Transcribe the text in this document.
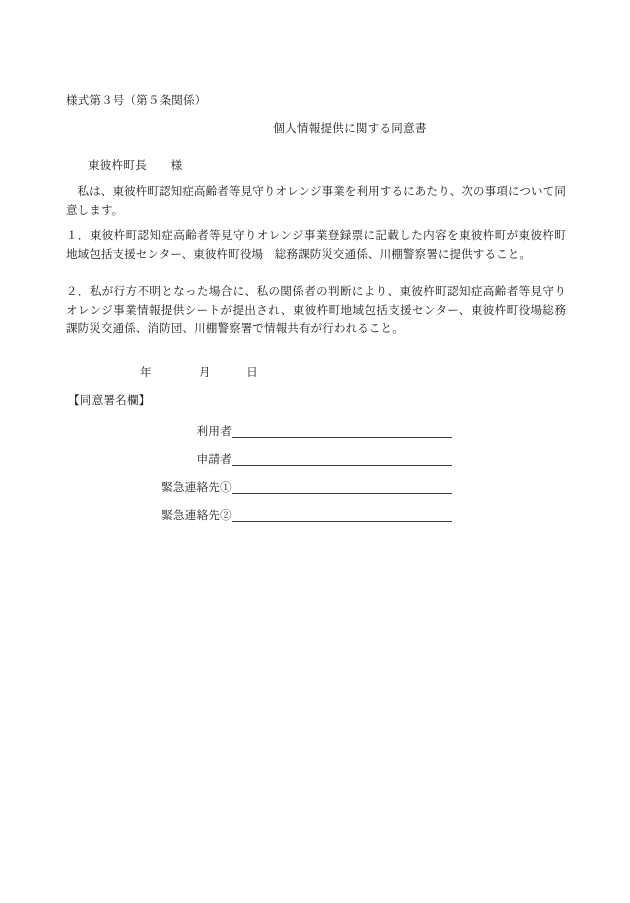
様式第３号（第５条関係）
個人情報提供に関する同意書
東彼杵町長　　様
私は、東彼杵町認知症高齢者等見守りオレンジ事業を利用するにあたり、次の事項について同意します。
１．東彼杵町認知症高齢者等見守りオレンジ事業登録票に記載した内容を東彼杵町が東彼杵町地域包括支援センター、東彼杵町役場　総務課防災交通係、川棚警察署に提供すること。
２．私が行方不明となった場合に、私の関係者の判断により、東彼杵町認知症高齢者等見守りオレンジ事業情報提供シートが提出され、東彼杵町地域包括支援センター、東彼杵町役場総務課防災交通係、消防団、川棚警察署で情報共有が行われること。
年　　　　月　　　日
【同意署名欄】
利用者
申請者
緊急連絡先①
緊急連絡先②
